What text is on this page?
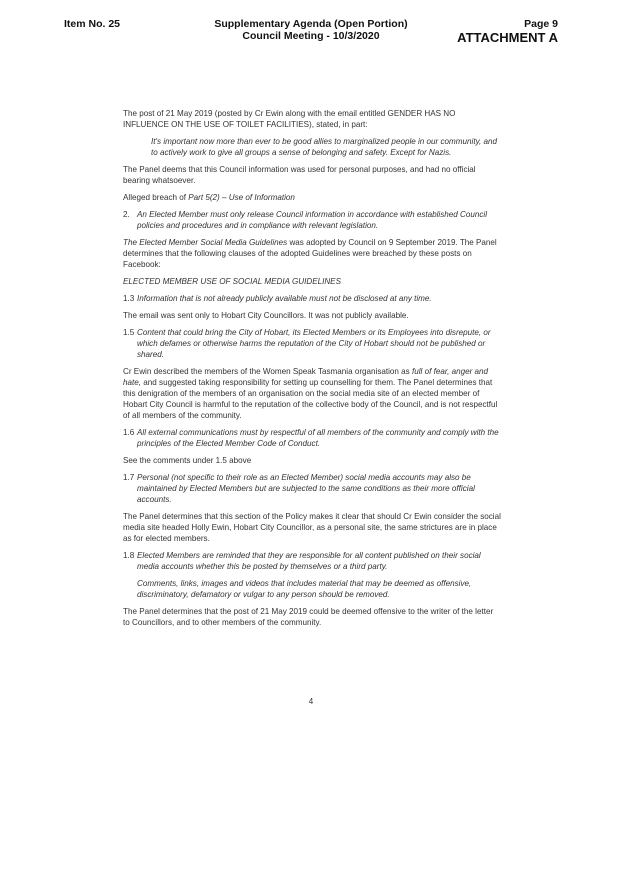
Item No. 25	Supplementary Agenda (Open Portion)
Council Meeting - 10/3/2020
Page 9
ATTACHMENT A

The post of 21 May 2019 (posted by Cr Ewin along with the email entitled GENDER HAS NO INFLUENCE ON THE USE OF TOILET FACILITIES), stated, in part:

It's important now more than ever to be good allies to marginalized people in our community, and to actively work to give all groups a sense of belonging and safety. Except for Nazis.

The Panel deems that this Council information was used for personal purposes, and had no official bearing whatsoever.

Alleged breach of Part 5(2) – Use of Information

2. An Elected Member must only release Council information in accordance with established Council policies and procedures and in compliance with relevant legislation.

The Elected Member Social Media Guidelines was adopted by Council on 9 September 2019. The Panel determines that the following clauses of the adopted Guidelines were breached by these posts on Facebook:

ELECTED MEMBER USE OF SOCIAL MEDIA GUIDELINES

1.3 Information that is not already publicly available must not be disclosed at any time.

The email was sent only to Hobart City Councillors. It was not publicly available.

1.5 Content that could bring the City of Hobart, its Elected Members or its Employees into disrepute, or which defames or otherwise harms the reputation of the City of Hobart should not be published or shared.

Cr Ewin described the members of the Women Speak Tasmania organisation as full of fear, anger and hate, and suggested taking responsibility for setting up counselling for them. The Panel determines that this denigration of the members of an organisation on the social media site of an elected member of Hobart City Council is harmful to the reputation of the collective body of the Council, and is not respectful of all members of the community.

1.6 All external communications must by respectful of all members of the community and comply with the principles of the Elected Member Code of Conduct.

See the comments under 1.5 above

1.7 Personal (not specific to their role as an Elected Member) social media accounts may also be maintained by Elected Members but are subjected to the same conditions as their more official accounts.

The Panel determines that this section of the Policy makes it clear that should Cr Ewin consider the social media site headed Holly Ewin, Hobart City Councillor, as a personal site, the same strictures are in place as for elected members.

1.8 Elected Members are reminded that they are responsible for all content published on their social media accounts whether this be posted by themselves or a third party.

Comments, links, images and videos that includes material that may be deemed as offensive, discriminatory, defamatory or vulgar to any person should be removed.

The Panel determines that the post of 21 May 2019 could be deemed offensive to the writer of the letter to Councillors, and to other members of the community.

4
